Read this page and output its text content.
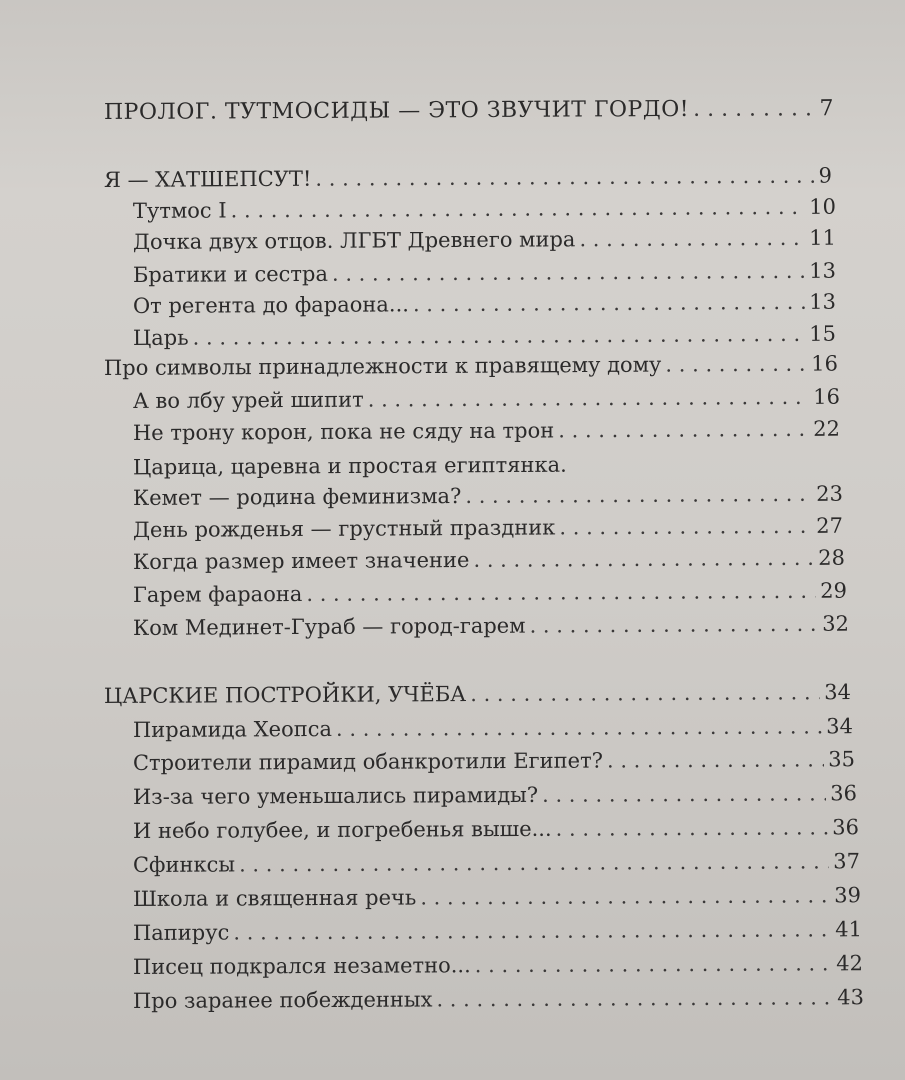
ПРОЛОГ. ТУТМОСИДЫ — ЭТО ЗВУЧИТ ГОРДО! . . .	7
Я — ХАТШЕПСУТ! . . .	9
Тутмос I . . .	10
Дочка двух отцов. ЛГБТ Древнего мира . . .	11
Братики и сестра . . .	13
От регента до фараона... . . .	13
Царь . . .	15
Про символы принадлежности к правящему дому . . .	16
А во лбу урей шипит . . .	16
Не трону корон, пока не сяду на трон . . .	22
Царица, царевна и простая египтянка.
Кемет — родина феминизма? . . .	23
День рожденья — грустный праздник . . .	27
Когда размер имеет значение . . .	28
Гарем фараона . . .	29
Ком Мединет-Гураб — город-гарем . . .	32
ЦАРСКИЕ ПОСТРОЙКИ, УЧЁБА . . .	34
Пирамида Хеопса . . .	34
Строители пирамид обанкротили Египет? . . .	35
Из-за чего уменьшались пирамиды? . . .	36
И небо голубее, и погребенья выше... . . .	36
Сфинксы . . .	37
Школа и священная речь . . .	39
Папирус . . .	41
Писец подкрался незаметно... . . .	42
Про заранее побежденных . . .	43
